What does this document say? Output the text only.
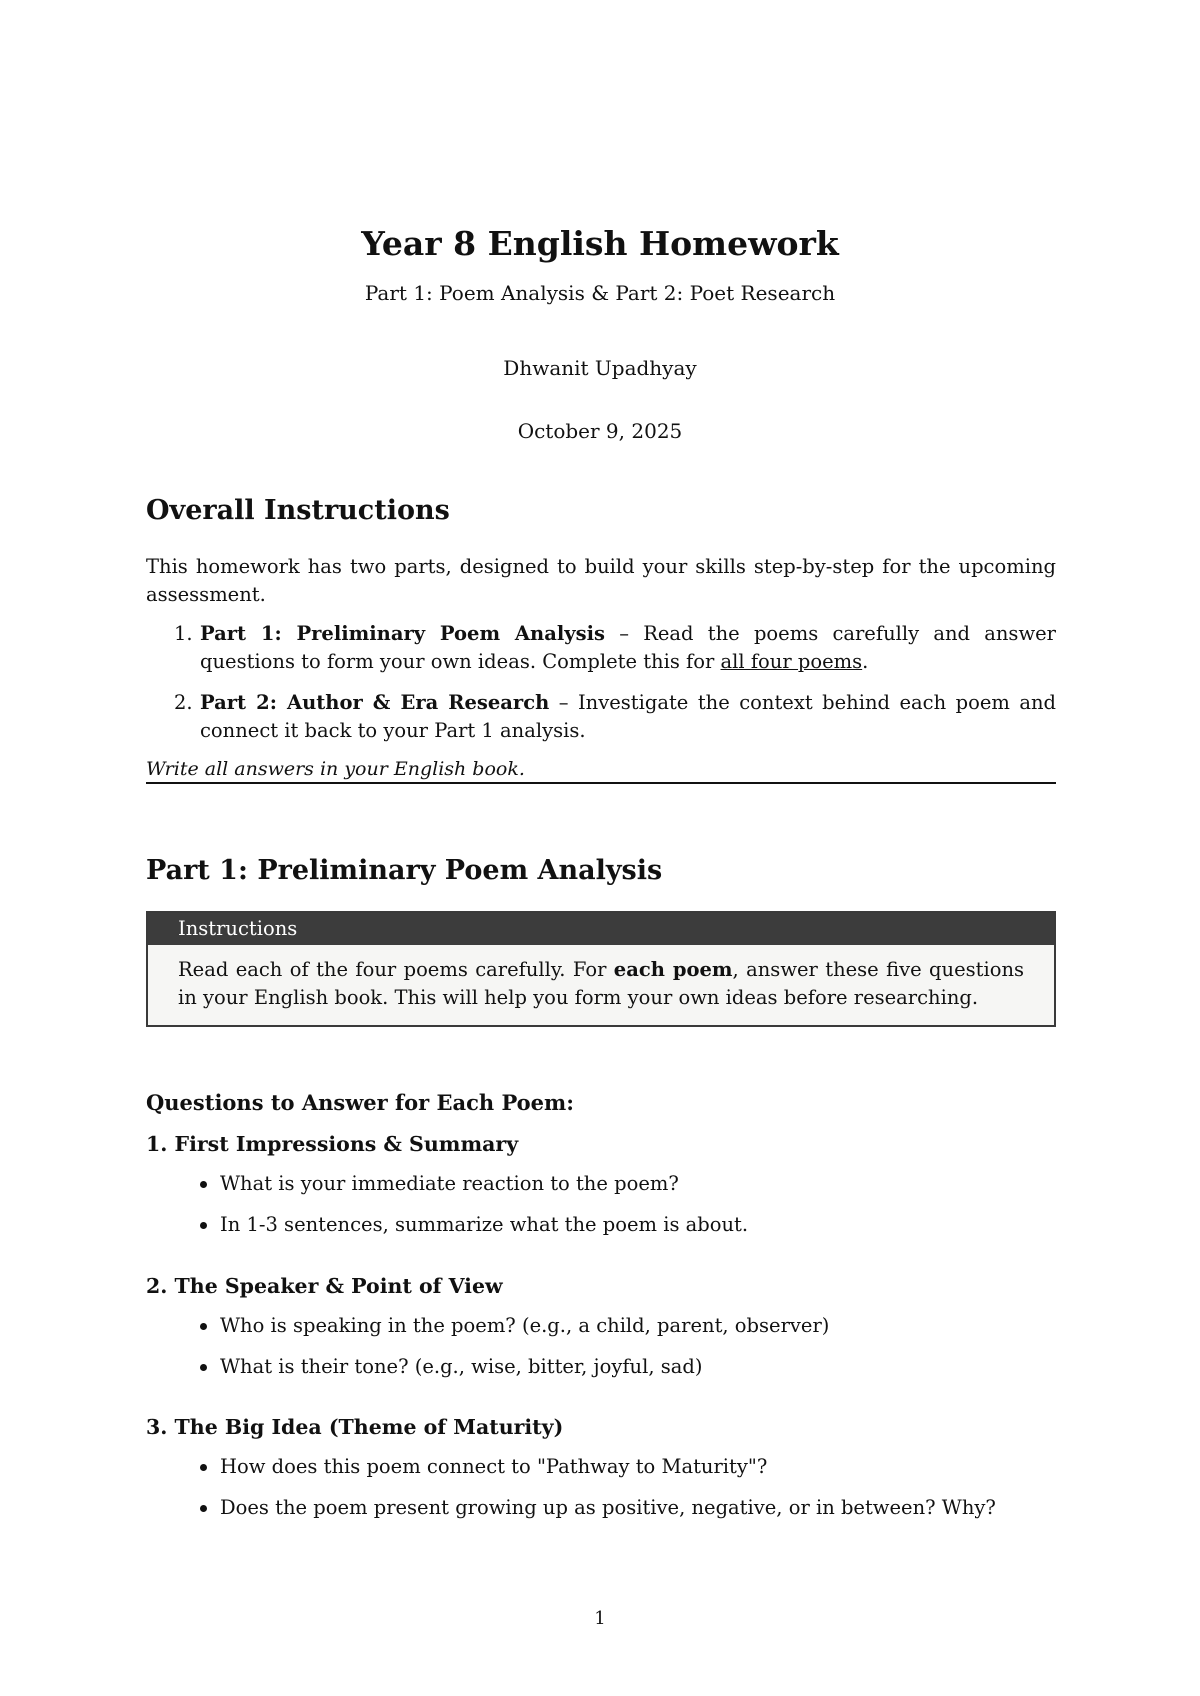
Year 8 English Homework
Part 1: Poem Analysis & Part 2: Poet Research
Dhwanit Upadhyay
October 9, 2025
Overall Instructions
This homework has two parts, designed to build your skills step-by-step for the upcoming assessment.
1. Part 1: Preliminary Poem Analysis – Read the poems carefully and answer questions to form your own ideas. Complete this for all four poems.
2. Part 2: Author & Era Research – Investigate the context behind each poem and connect it back to your Part 1 analysis.
Write all answers in your English book.
Part 1: Preliminary Poem Analysis
Instructions
Read each of the four poems carefully. For each poem, answer these five questions in your English book. This will help you form your own ideas before researching.
Questions to Answer for Each Poem:
1. First Impressions & Summary
What is your immediate reaction to the poem?
In 1-3 sentences, summarize what the poem is about.
2. The Speaker & Point of View
Who is speaking in the poem? (e.g., a child, parent, observer)
What is their tone? (e.g., wise, bitter, joyful, sad)
3. The Big Idea (Theme of Maturity)
How does this poem connect to "Pathway to Maturity"?
Does the poem present growing up as positive, negative, or in between? Why?
1
